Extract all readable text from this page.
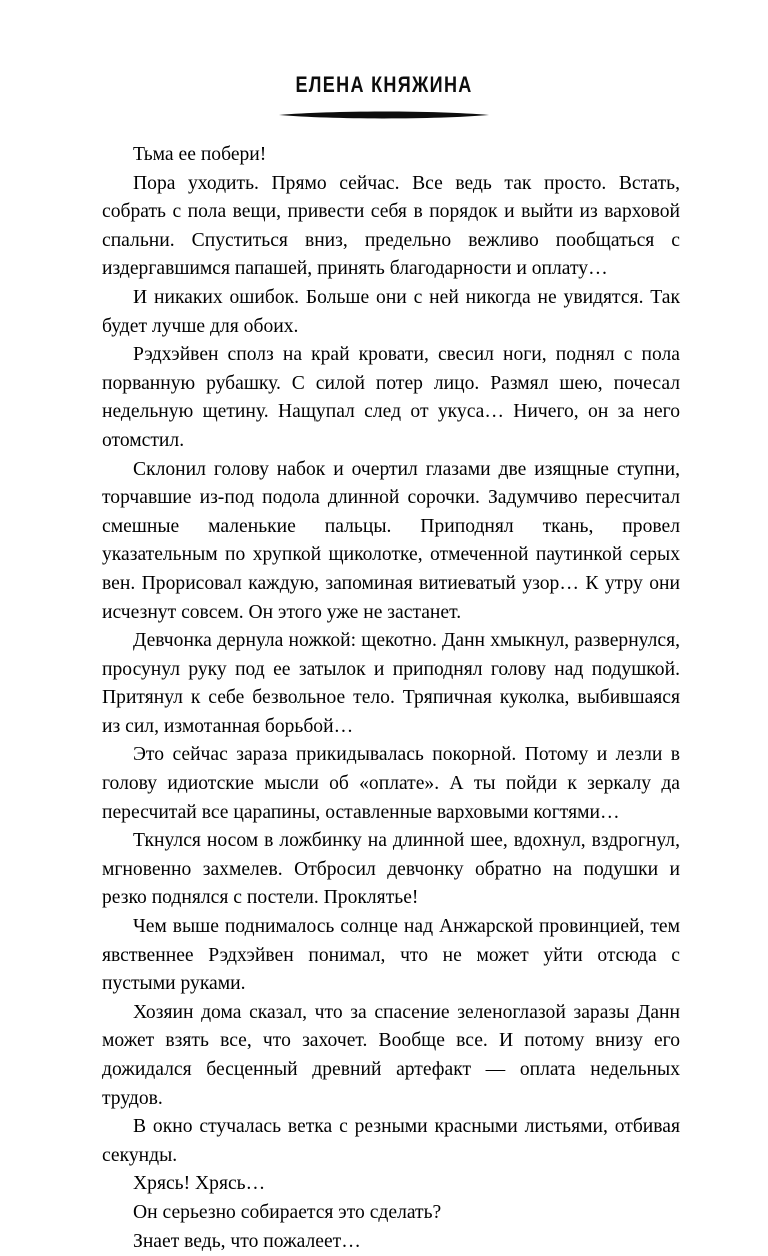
ЕЛЕНА КНЯЖИНА

Тьма ее побери!

Пора уходить. Прямо сейчас. Все ведь так просто. Встать, собрать с пола вещи, привести себя в порядок и выйти из варховой спальни. Спуститься вниз, предельно вежливо пообщаться с издергавшимся папашей, принять благодарности и оплату…

И никаких ошибок. Больше они с ней никогда не увидятся. Так будет лучше для обоих.

Рэдхэйвен сполз на край кровати, свесил ноги, поднял с пола порванную рубашку. С силой потер лицо. Размял шею, почесал недельную щетину. Нащупал след от укуса… Ничего, он за него отомстил.

Склонил голову набок и очертил глазами две изящные ступни, торчавшие из-под подола длинной сорочки. Задумчиво пересчитал смешные маленькие пальцы. Приподнял ткань, провел указательным по хрупкой щиколотке, отмеченной паутинкой серых вен. Прорисовал каждую, запоминая витиеватый узор… К утру они исчезнут совсем. Он этого уже не застанет.

Девчонка дернула ножкой: щекотно. Данн хмыкнул, развернулся, просунул руку под ее затылок и приподнял голову над подушкой. Притянул к себе безвольное тело. Тряпичная куколка, выбившаяся из сил, измотанная борьбой…

Это сейчас зараза прикидывалась покорной. Потому и лезли в голову идиотские мысли об «оплате». А ты пойди к зеркалу да пересчитай все царапины, оставленные варховыми когтями…

Ткнулся носом в ложбинку на длинной шее, вдохнул, вздрогнул, мгновенно захмелев. Отбросил девчонку обратно на подушки и резко поднялся с постели. Проклятье!

Чем выше поднималось солнце над Анжарской провинцией, тем явственнее Рэдхэйвен понимал, что не может уйти отсюда с пустыми руками.

Хозяин дома сказал, что за спасение зеленоглазой заразы Данн может взять все, что захочет. Вообще все. И потому внизу его дожидался бесценный древний артефакт — оплата недельных трудов.

В окно стучалась ветка с резными красными листьями, отбивая секунды.

Хрясь! Хрясь…

Он серьезно собирается это сделать?

Знает ведь, что пожалеет…
